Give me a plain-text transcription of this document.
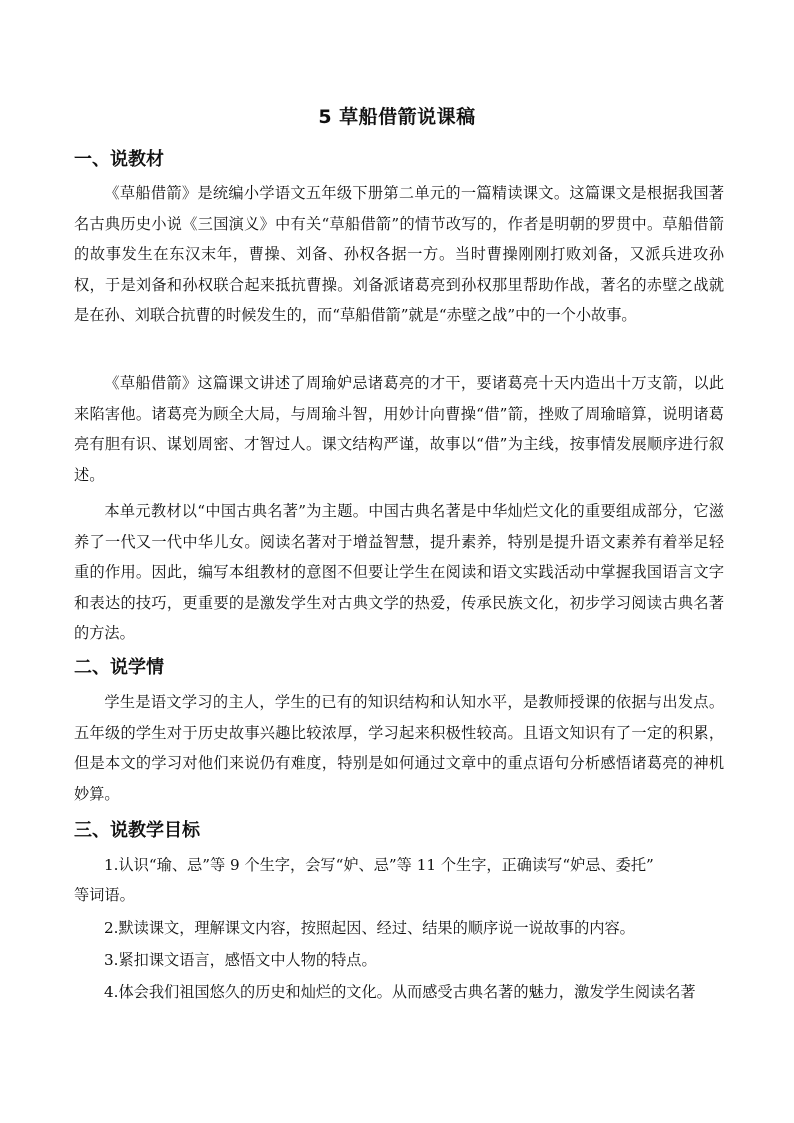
5 草船借箭说课稿
一、说教材

《草船借箭》是统编小学语文五年级下册第二单元的一篇精读课文。这篇课文是根据我国著名古典历史小说《三国演义》中有关“草船借箭”的情节改写的，作者是明朝的罗贯中。草船借箭的故事发生在东汉末年，曹操、刘备、孙权各据一方。当时曹操刚刚打败刘备，又派兵进攻孙权，于是刘备和孙权联合起来抵抗曹操。刘备派诸葛亮到孙权那里帮助作战，著名的赤壁之战就是在孙、刘联合抗曹的时候发生的，而“草船借箭”就是“赤壁之战”中的一个小故事。

《草船借箭》这篇课文讲述了周瑜妒忌诸葛亮的才干，要诸葛亮十天内造出十万支箭，以此来陷害他。诸葛亮为顾全大局，与周瑜斗智，用妙计向曹操“借”箭，挫败了周瑜暗算，说明诸葛亮有胆有识、谋划周密、才智过人。课文结构严谨，故事以“借”为主线，按事情发展顺序进行叙述。

本单元教材以“中国古典名著”为主题。中国古典名著是中华灿烂文化的重要组成部分，它滋养了一代又一代中华儿女。阅读名著对于增益智慧，提升素养，特别是提升语文素养有着举足轻重的作用。因此，编写本组教材的意图不但要让学生在阅读和语文实践活动中掌握我国语言文字和表达的技巧，更重要的是激发学生对古典文学的热爱，传承民族文化，初步学习阅读古典名著的方法。

二、说学情

学生是语文学习的主人，学生的已有的知识结构和认知水平，是教师授课的依据与出发点。五年级的学生对于历史故事兴趣比较浓厚，学习起来积极性较高。且语文知识有了一定的积累，但是本文的学习对他们来说仍有难度，特别是如何通过文章中的重点语句分析感悟诸葛亮的神机妙算。

三、说教学目标

1.认识“瑜、忌”等 9 个生字，会写“妒、忌”等 11 个生字，正确读写“妒忌、委托”

等词语。

2.默读课文，理解课文内容，按照起因、经过、结果的顺序说一说故事的内容。

3.紧扣课文语言，感悟文中人物的特点。

4.体会我们祖国悠久的历史和灿烂的文化。从而感受古典名著的魅力，激发学生阅读名著
